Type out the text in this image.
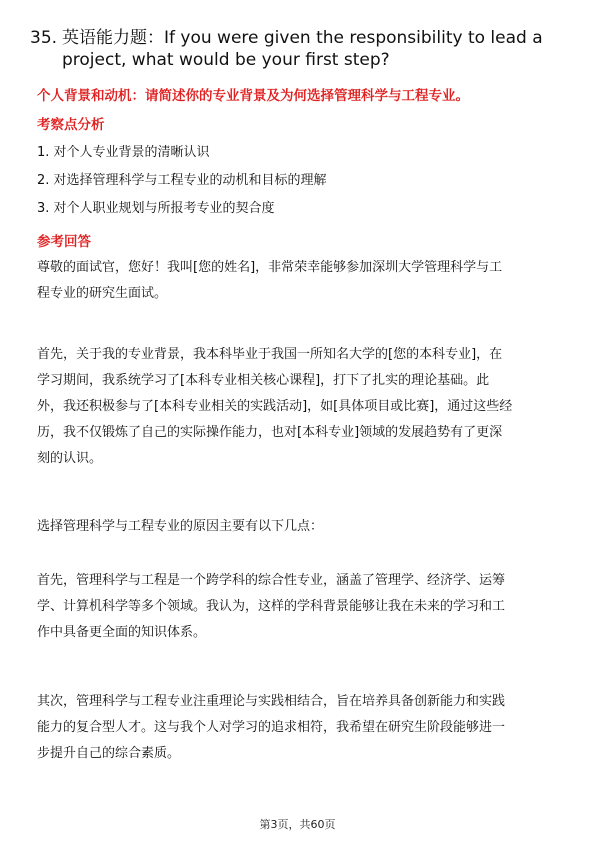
35. 英语能力题：If you were given the responsibility to lead a
project, what would be your first step?
个人背景和动机：请简述你的专业背景及为何选择管理科学与工程专业。
考察点分析
1. 对个人专业背景的清晰认识
2. 对选择管理科学与工程专业的动机和目标的理解
3. 对个人职业规划与所报考专业的契合度
参考回答
尊敬的面试官，您好！我叫[您的姓名]，非常荣幸能够参加深圳大学管理科学与工
程专业的研究生面试。
首先，关于我的专业背景，我本科毕业于我国一所知名大学的[您的本科专业]，在
学习期间，我系统学习了[本科专业相关核心课程]，打下了扎实的理论基础。此
外，我还积极参与了[本科专业相关的实践活动]，如[具体项目或比赛]，通过这些经
历，我不仅锻炼了自己的实际操作能力，也对[本科专业]领域的发展趋势有了更深
刻的认识。
选择管理科学与工程专业的原因主要有以下几点：
首先，管理科学与工程是一个跨学科的综合性专业，涵盖了管理学、经济学、运筹
学、计算机科学等多个领域。我认为，这样的学科背景能够让我在未来的学习和工
作中具备更全面的知识体系。
其次，管理科学与工程专业注重理论与实践相结合，旨在培养具备创新能力和实践
能力的复合型人才。这与我个人对学习的追求相符，我希望在研究生阶段能够进一
步提升自己的综合素质。
第3页，共60页
